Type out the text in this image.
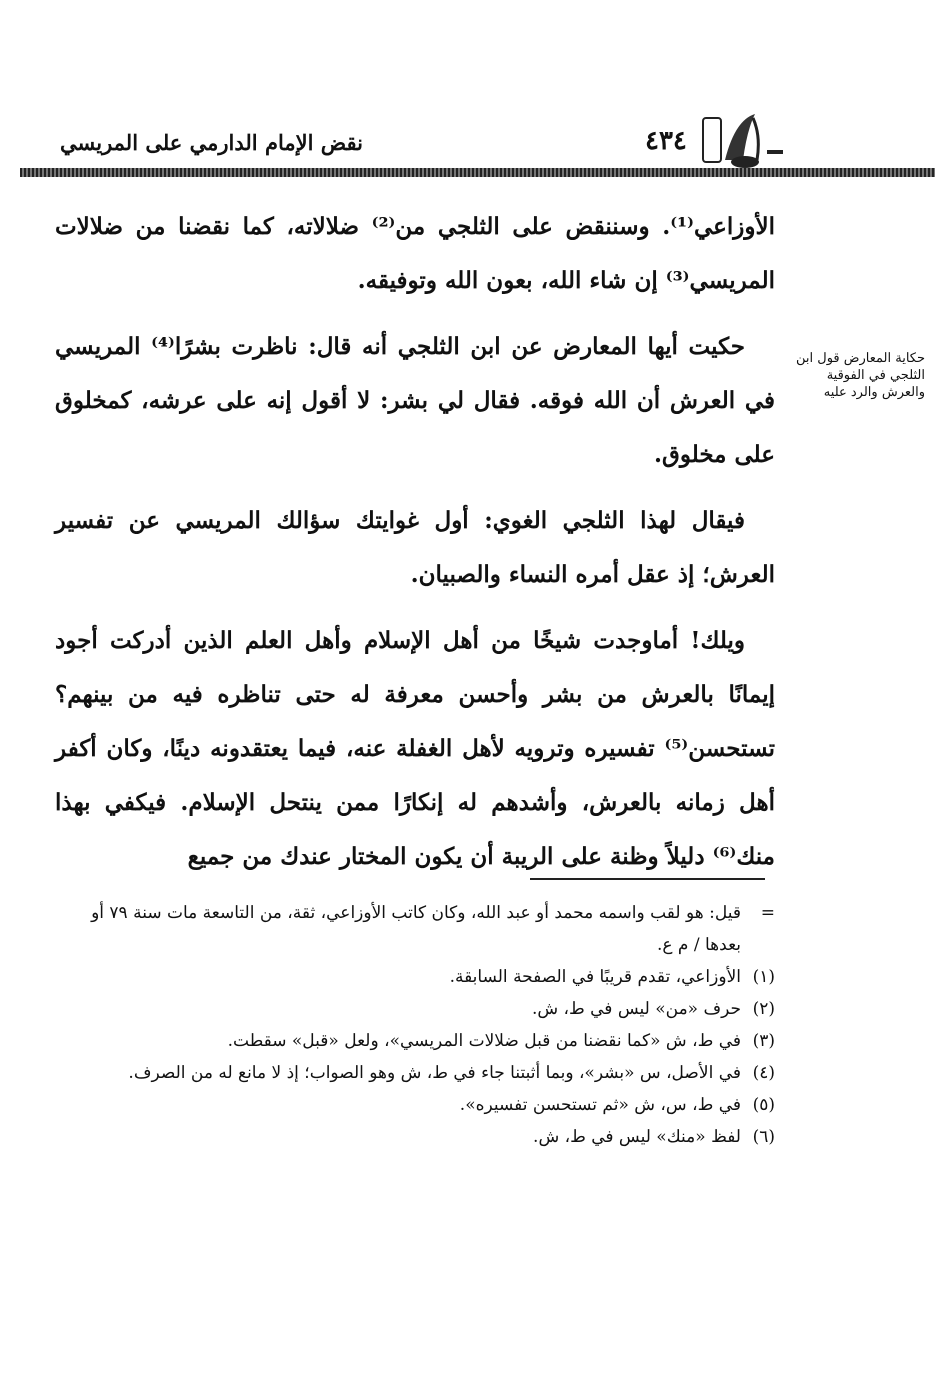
نقض الإمام الدارمي على المريسي	٤٣٤

الأوزاعي⁽¹⁾. وسننقض على الثلجي من⁽²⁾ ضلالاته، كما نقضنا من ضلالات المريسي⁽³⁾ إن شاء الله، بعون الله وتوفيقه.

حكيت أيها المعارض عن ابن الثلجي أنه قال: ناظرت بشرًا⁽⁴⁾ المريسي في العرش أن الله فوقه. فقال لي بشر: لا أقول إنه على عرشه، كمخلوق على مخلوق.

فيقال لهذا الثلجي الغوي: أول غوايتك سؤالك المريسي عن تفسير العرش؛ إذ عقل أمره النساء والصبيان.

ويلك! أماوجدت شيخًا من أهل الإسلام وأهل العلم الذين أدركت أجود إيمانًا بالعرش من بشر وأحسن معرفة له حتى تناظره فيه من بينهم؟ تستحسن⁽⁵⁾ تفسيره وترويه لأهل الغفلة عنه، فيما يعتقدونه دينًا، وكان أكفر أهل زمانه بالعرش، وأشدهم له إنكارًا ممن ينتحل الإسلام. فيكفي بهذا منك⁽⁶⁾ دليلاً وظنة على الريبة أن يكون المختار عندك من جميع

حكاية المعارض قول ابن الثلجي في الفوقية والعرش والرد عليه
=
قيل: هو لقب واسمه محمد أو عبد الله، وكان كاتب الأوزاعي، ثقة، من التاسعة مات سنة ٧٩ أو بعدها / م ع.
(١)
الأوزاعي، تقدم قريبًا في الصفحة السابقة.
(٢)
حرف «من» ليس في ط، ش.
(٣)
في ط، ش «كما نقضنا من قبل ضلالات المريسي»، ولعل «قبل» سقطت.
(٤)
في الأصل، س «بشر»، وبما أثبتنا جاء في ط، ش وهو الصواب؛ إذ لا مانع له من الصرف.
(٥)
في ط، س، ش «ثم تستحسن تفسيره».
(٦)
لفظ «منك» ليس في ط، ش.
